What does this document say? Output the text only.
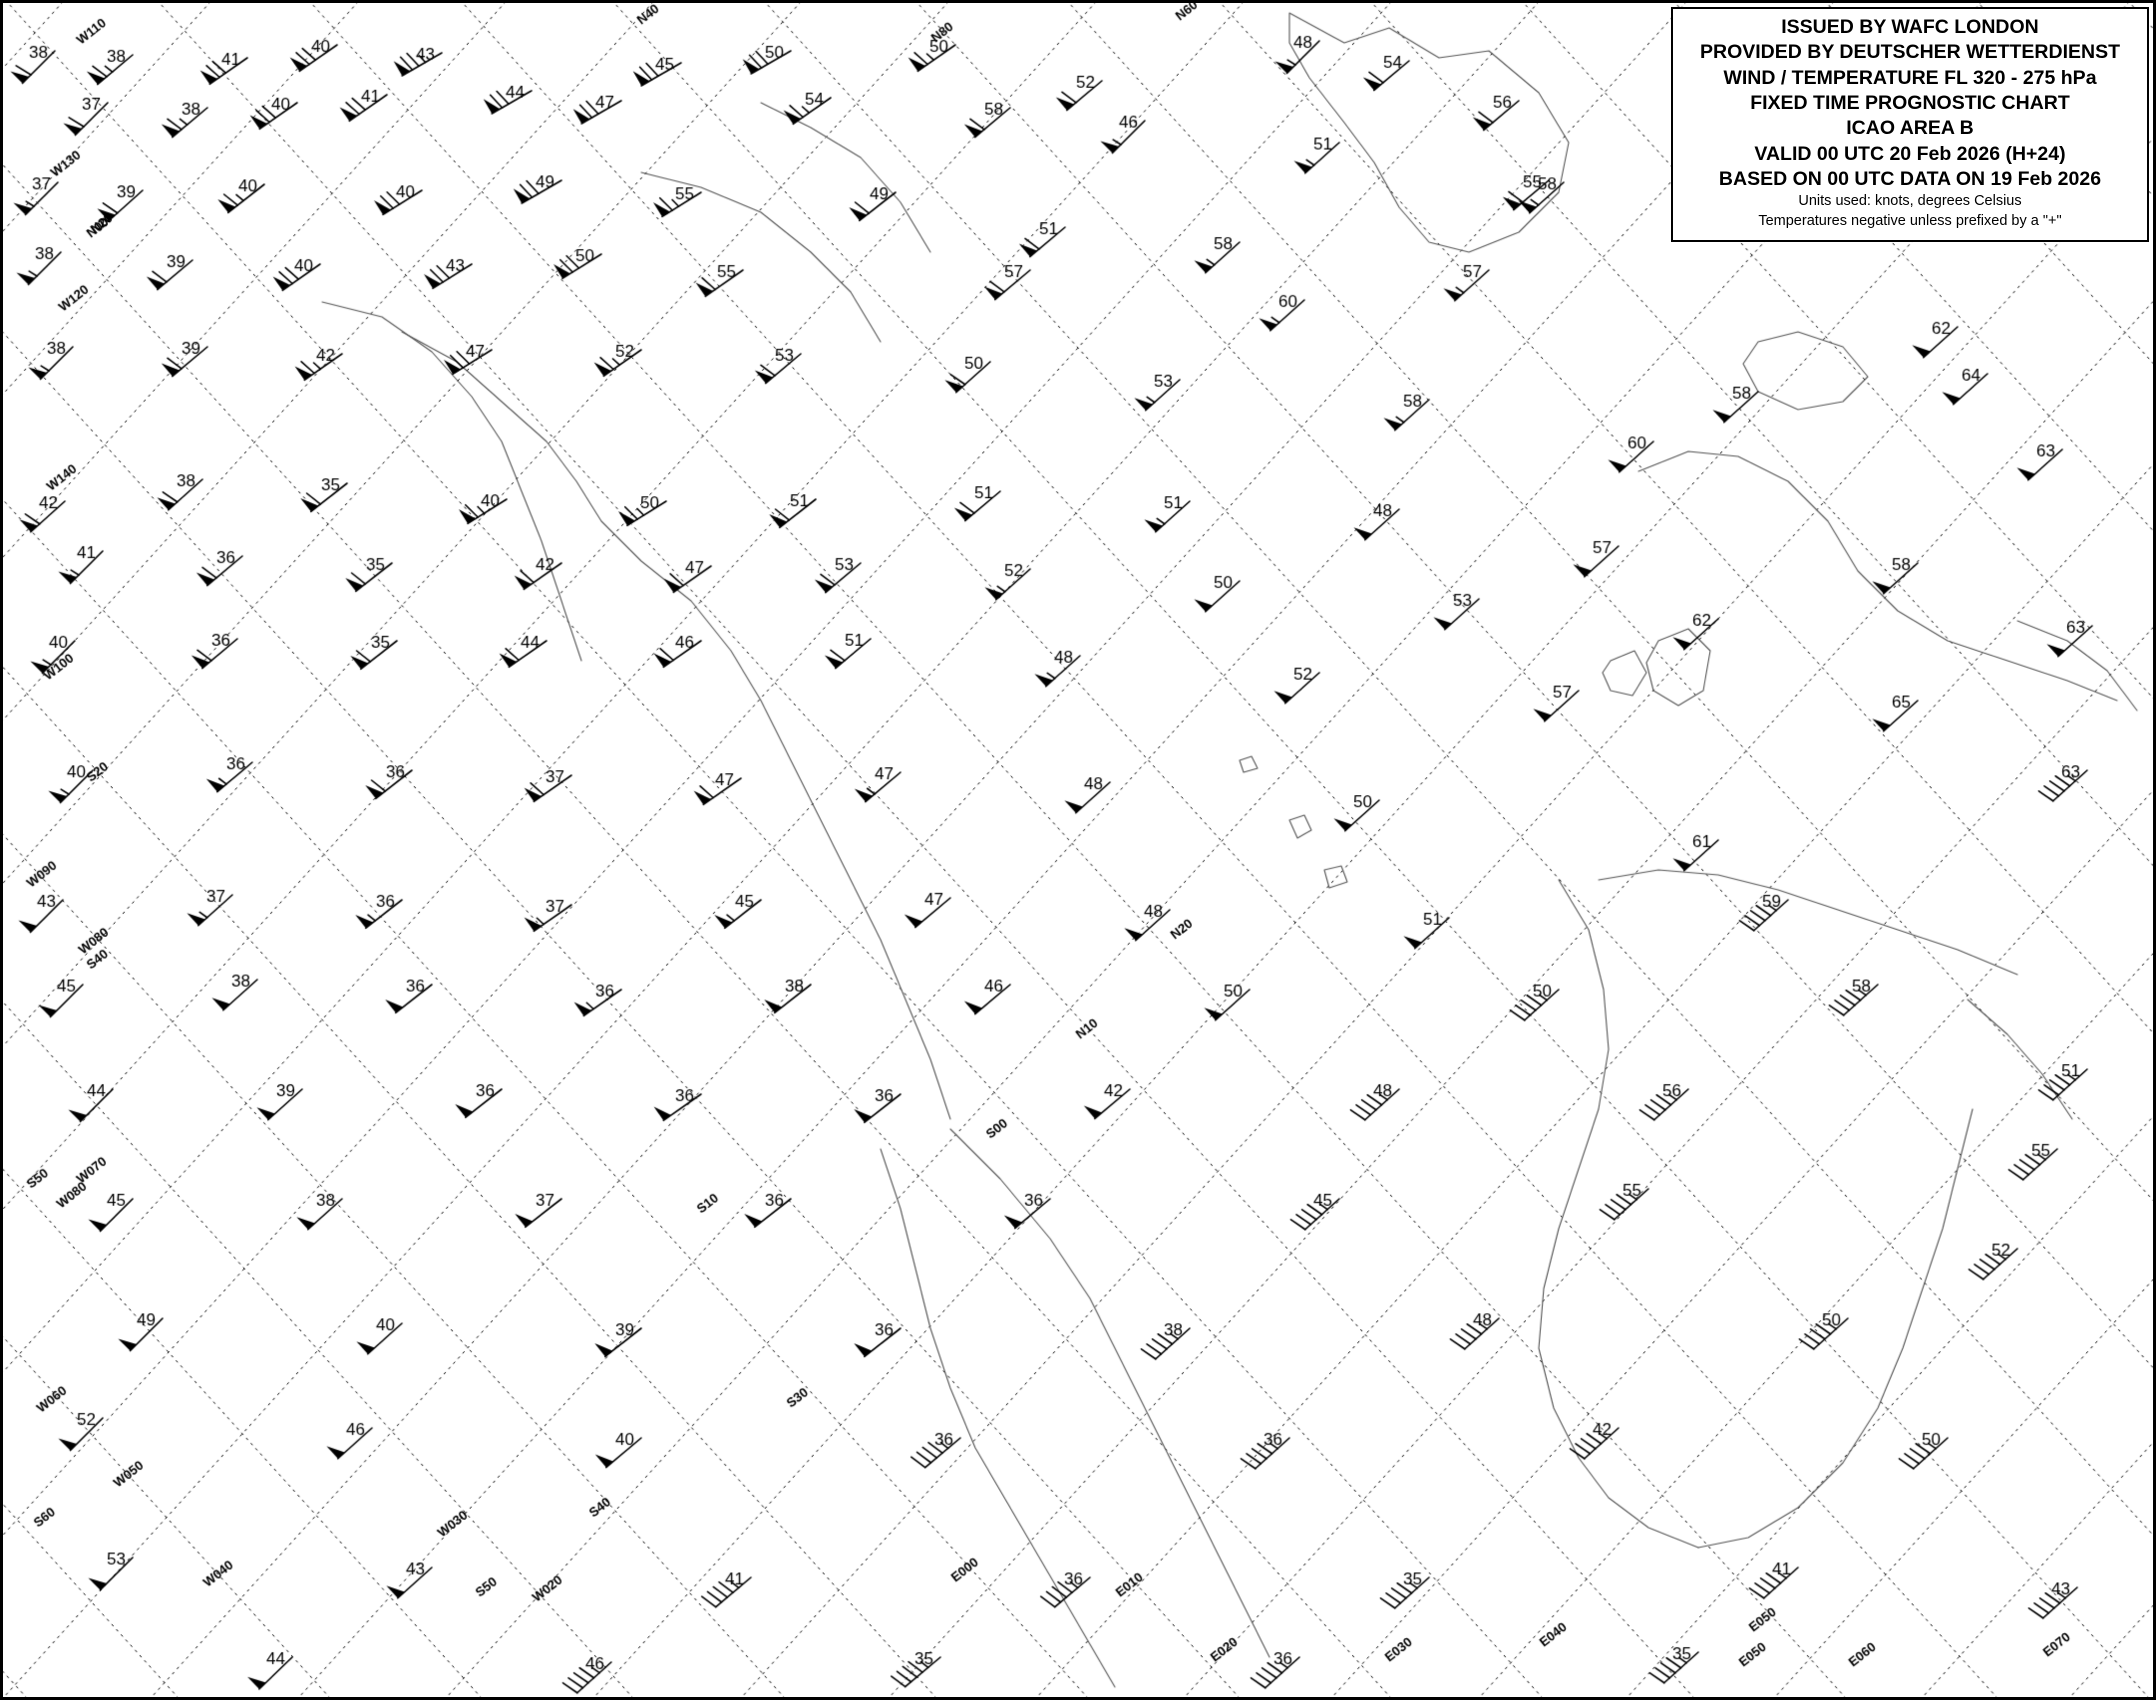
ISSUED BY WAFC LONDON
PROVIDED BY DEUTSCHER WETTERDIENST
WIND / TEMPERATURE FL 320 - 275 hPa
FIXED TIME PROGNOSTIC CHART
ICAO AREA B
VALID 00 UTC 20 Feb 2026 (H+24)
BASED ON 00 UTC DATA ON 19 Feb 2026
Units used: knots, degrees Celsius
Temperatures negative unless prefixed by a "+"
